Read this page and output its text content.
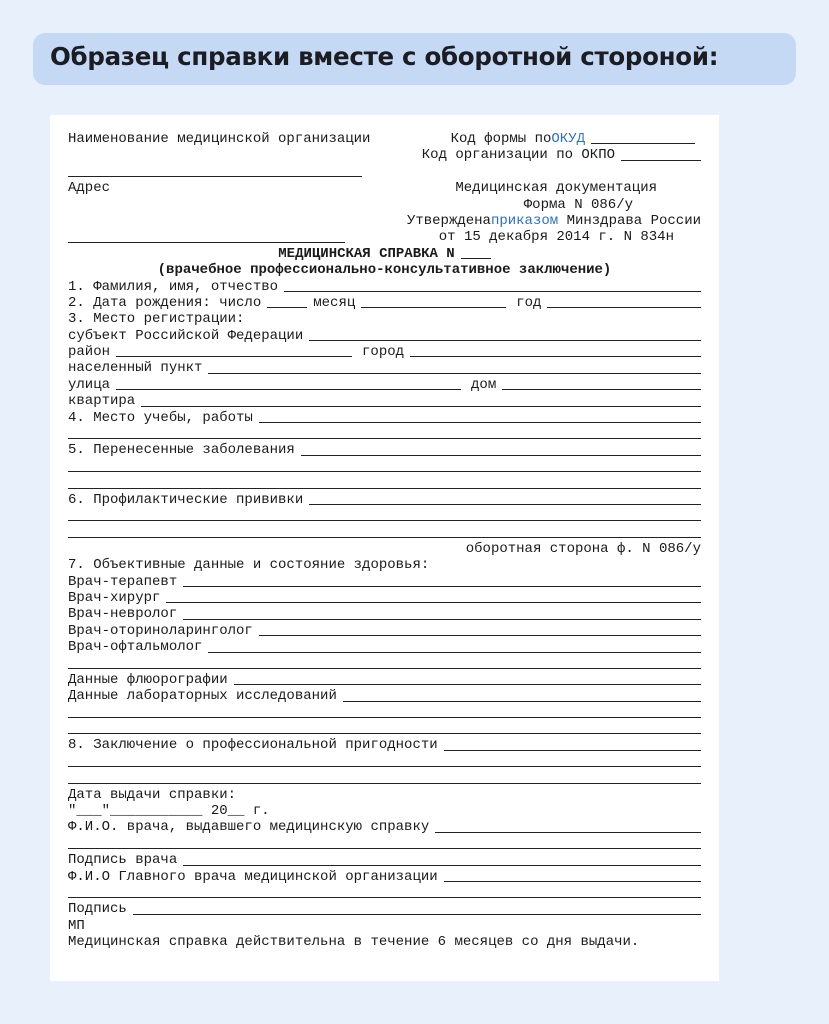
Образец справки вместе с оборотной стороной:
Наименование медицинской организации	Код формы по ОКУД
Код организации по ОКПО
Адрес	Медицинская документация
Форма N 086/у
Утверждена приказом Минздрава России
от 15 декабря 2014 г. N 834н
МЕДИЦИНСКАЯ СПРАВКА N
(врачебное профессионально-консультативное заключение)
1. Фамилия, имя, отчество
2. Дата рождения: число	месяц	год
3. Место регистрации:
субъект Российской Федерации
район	город
населенный пункт
улица	дом
квартира
4. Место учебы, работы
5. Перенесенные заболевания
6. Профилактические прививки
оборотная сторона ф. N 086/у
7. Объективные данные и состояние здоровья:
Врач-терапевт
Врач-хирург
Врач-невролог
Врач-оториноларинголог
Врач-офтальмолог
Данные флюорографии
Данные лабораторных исследований
8. Заключение о профессиональной пригодности
Дата выдачи справки:
"___"___________ 20__ г.
Ф.И.О. врача, выдавшего медицинскую справку
Подпись врача
Ф.И.О Главного врача медицинской организации
Подпись
МП
Медицинская справка действительна в течение 6 месяцев со дня выдачи.
